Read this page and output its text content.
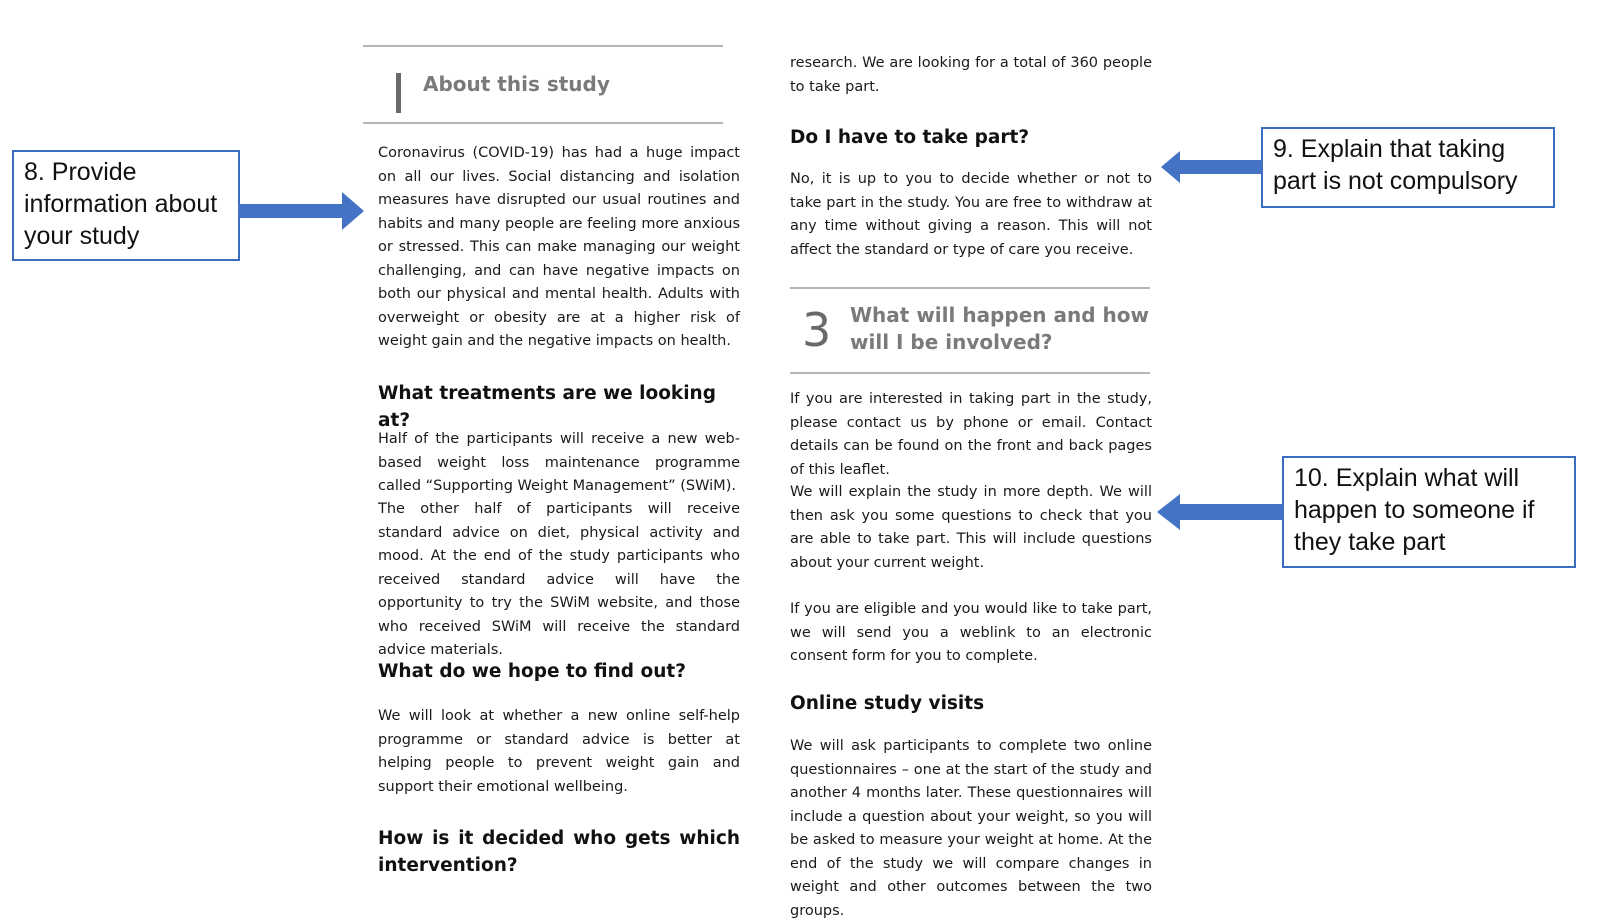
About this study

Coronavirus (COVID-19) has had a huge impact on all our lives. Social distancing and isolation measures have disrupted our usual routines and habits and many people are feeling more anxious or stressed. This can make managing our weight challenging, and can have negative impacts on both our physical and mental health. Adults with overweight or obesity are at a higher risk of weight gain and the negative impacts on health.

What treatments are we looking at?

Half of the participants will receive a new web-based weight loss maintenance programme called “Supporting Weight Management” (SWiM).

The other half of participants will receive standard advice on diet, physical activity and mood. At the end of the study participants who received standard advice will have the opportunity to try the SWiM website, and those who received SWiM will receive the standard advice materials.

What do we hope to find out?

We will look at whether a new online self-help programme or standard advice is better at helping people to prevent weight gain and support their emotional wellbeing.

How is it decided who gets which intervention?

research. We are looking for a total of 360 people to take part.

Do I have to take part?

No, it is up to you to decide whether or not to take part in the study. You are free to withdraw at any time without giving a reason. This will not affect the standard or type of care you receive.

If you are interested in taking part in the study, please contact us by phone or email. Contact details can be found on the front and back pages of this leaflet.

We will explain the study in more depth. We will then ask you some questions to check that you are able to take part. This will include questions about your current weight.

If you are eligible and you would like to take part, we will send you a weblink to an electronic consent form for you to complete.

Online study visits

We will ask participants to complete two online questionnaires – one at the start of the study and another 4 months later. These questionnaires will include a question about your weight, so you will be asked to measure your weight at home. At the end of the study we will compare changes in weight and other outcomes between the two groups.

3 What will happen and how
will I be involved?
8. Provide information about your study
9. Explain that taking part is not compulsory
10. Explain what will happen to someone if they take part
